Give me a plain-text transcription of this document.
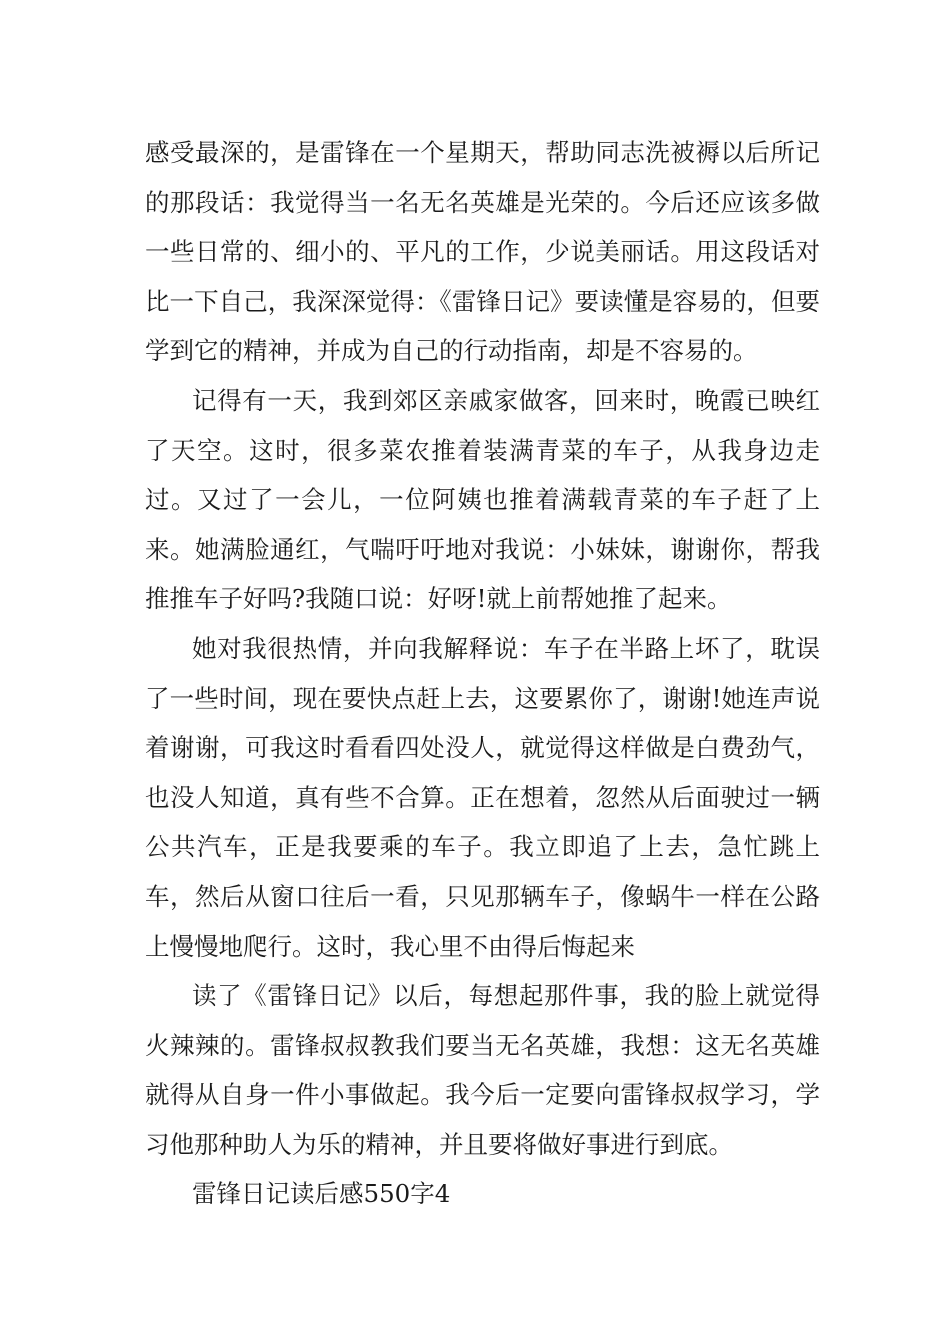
感受最深的，是雷锋在一个星期天，帮助同志洗被褥以后所记的那段话：我觉得当一名无名英雄是光荣的。今后还应该多做一些日常的、细小的、平凡的工作，少说美丽话。用这段话对比一下自己，我深深觉得：《雷锋日记》要读懂是容易的，但要学到它的精神，并成为自己的行动指南，却是不容易的。

记得有一天，我到郊区亲戚家做客，回来时，晚霞已映红了天空。这时，很多菜农推着装满青菜的车子，从我身边走过。又过了一会儿，一位阿姨也推着满载青菜的车子赶了上来。她满脸通红，气喘吁吁地对我说：小妹妹，谢谢你，帮我推推车子好吗?我随口说：好呀!就上前帮她推了起来。

她对我很热情，并向我解释说：车子在半路上坏了，耽误了一些时间，现在要快点赶上去，这要累你了，谢谢!她连声说着谢谢，可我这时看看四处没人，就觉得这样做是白费劲气，也没人知道，真有些不合算。正在想着，忽然从后面驶过一辆公共汽车，正是我要乘的车子。我立即追了上去，急忙跳上车，然后从窗口往后一看，只见那辆车子，像蜗牛一样在公路上慢慢地爬行。这时，我心里不由得后悔起来

读了《雷锋日记》以后，每想起那件事，我的脸上就觉得火辣辣的。雷锋叔叔教我们要当无名英雄，我想：这无名英雄就得从自身一件小事做起。我今后一定要向雷锋叔叔学习，学习他那种助人为乐的精神，并且要将做好事进行到底。

雷锋日记读后感550字4
